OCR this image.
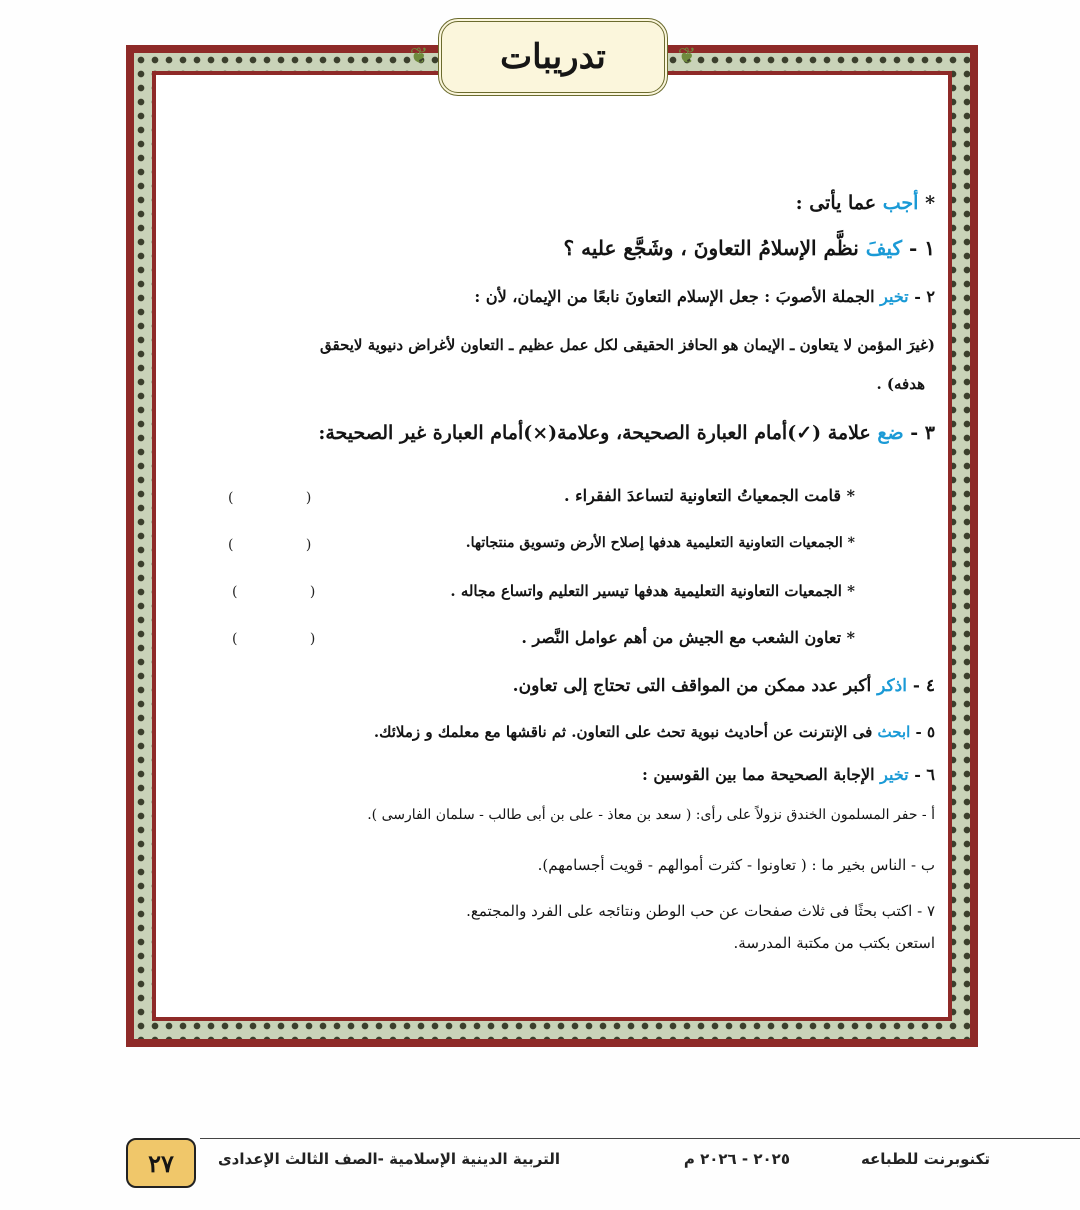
❦ تدريبات	❦
* أجب عما يأتى :
١ - كيفَ نظَّم الإسلامُ التعاونَ ، وشَجَّع عليه ؟
٢ - تخير الجملة الأصوبَ : جعل الإسلام التعاونَ نابعًا من الإيمان، لأن :
(غيرَ المؤمن لا يتعاون ـ الإيمان هو الحافز الحقيقى لكل عمل عظيم ـ التعاون لأغراض دنيوية لايحقق
هدفه) .
٣ - ضع علامة (✓)أمام العبارة الصحيحة، وعلامة(×)أمام العبارة غير الصحيحة:
* قامت الجمعياتُ التعاونية لتساعدَ الفقراء .
( )
* الجمعيات التعاونية التعليمية هدفها إصلاح الأرض وتسويق منتجاتها.
( )
* الجمعيات التعاونية التعليمية هدفها تيسير التعليم واتساع مجاله .
( )
* تعاون الشعب مع الجيش من أهم عوامل النَّصر .
( )
٤ - اذكر أكبر عدد ممكن من المواقف التى تحتاج إلى تعاون.
٥ - ابحث فى الإنترنت عن أحاديث نبوية تحث على التعاون. ثم ناقشها مع معلمك و زملائك.
٦ - تخير الإجابة الصحيحة مما بين القوسين :
أ - حفر المسلمون الخندق نزولاً على رأى: ( سعد بن معاذ - على بن أبى طالب - سلمان الفارسى ).
ب - الناس بخير ما : ( تعاونوا - كثرت أموالهم - قويت أجسامهم).
٧ - اكتب بحثًا فى ثلاث صفحات عن حب الوطن ونتائجه على الفرد والمجتمع.
استعن بكتب من مكتبة المدرسة.
٢٧	التربية الدينية الإسلامية -الصف الثالث الإعدادى	٢٠٢٥ - ٢٠٢٦ م	تكنوبرنت للطباعه
